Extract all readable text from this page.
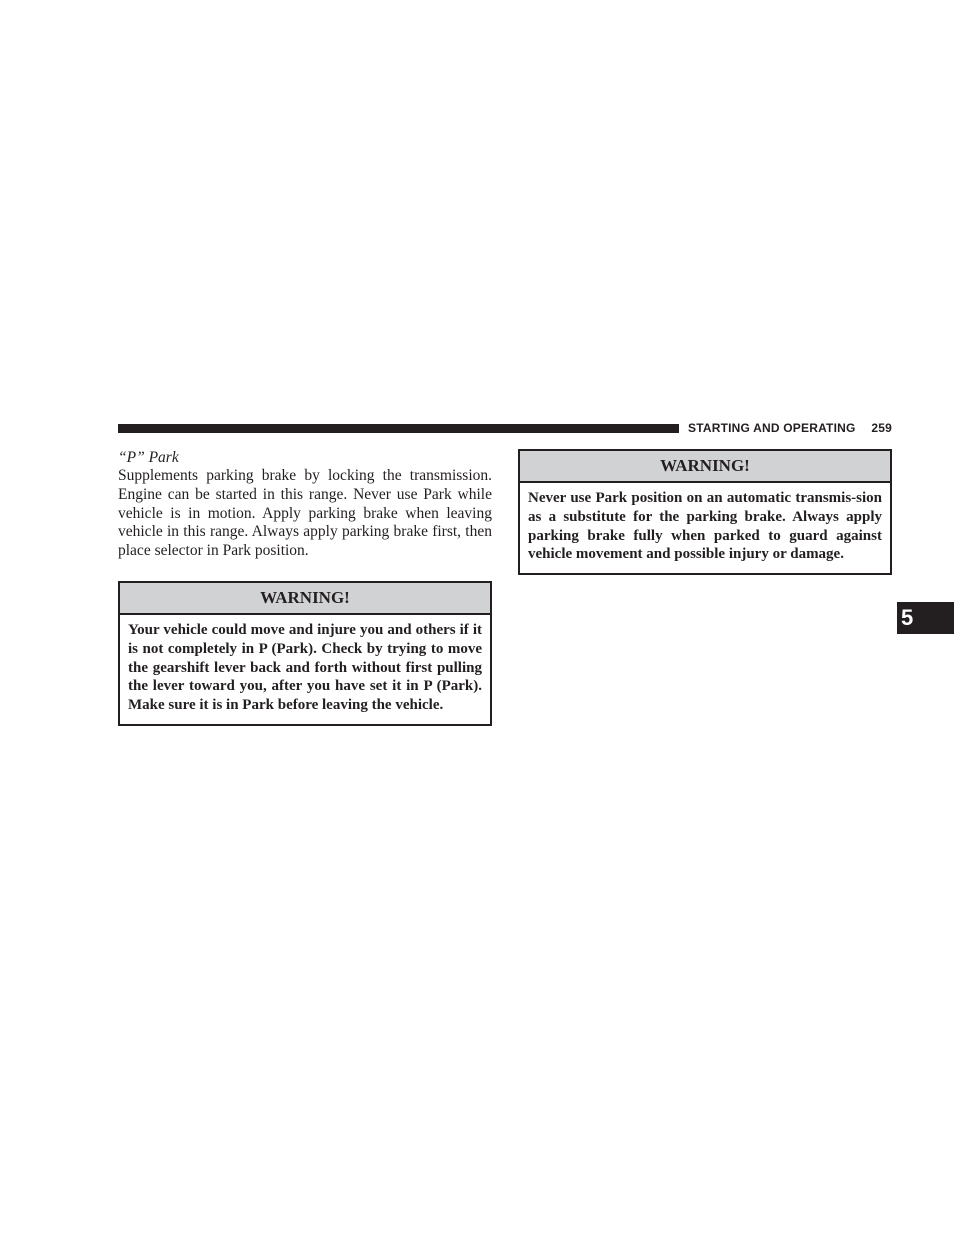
STARTING AND OPERATING 259

“P” Park

Supplements parking brake by locking the transmission. Engine can be started in this range. Never use Park while vehicle is in motion. Apply parking brake when leaving vehicle in this range. Always apply parking brake first, then place selector in Park position.

WARNING!
Your vehicle could move and injure you and others if it is not completely in P (Park). Check by trying to move the gearshift lever back and forth without first pulling the lever toward you, after you have set it in P (Park). Make sure it is in Park before leaving the vehicle.
WARNING!
Never use Park position on an automatic transmis-sion as a substitute for the parking brake. Always apply parking brake fully when parked to guard against vehicle movement and possible injury or damage.
5
